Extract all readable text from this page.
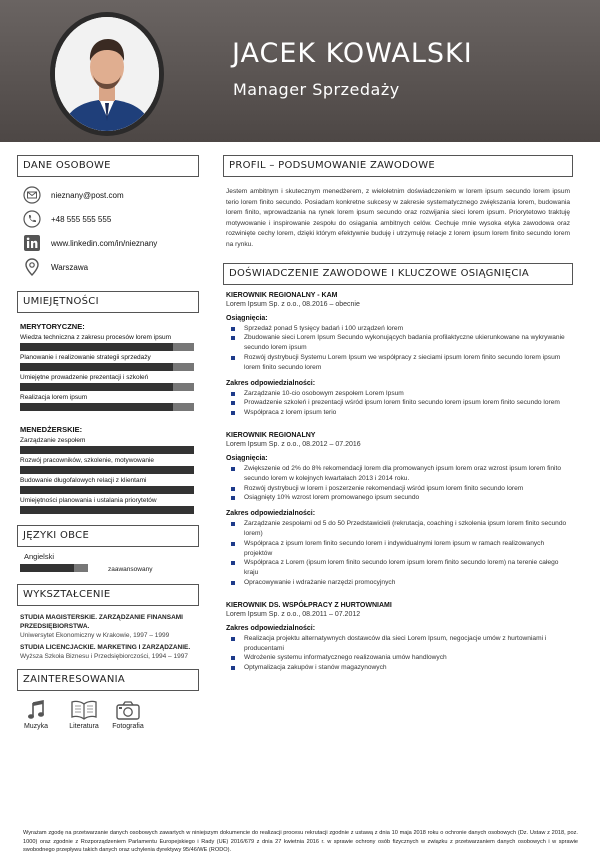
JACEK KOWALSKI
Manager Sprzedaży
DANE OSOBOWE
nieznany@post.com
+48 555 555 555
www.linkedin.com/in/nieznany
Warszawa
UMIEJĘTNOŚCI
MERYTORYCZNE:
Wiedza techniczna z zakresu procesów lorem ipsum
Planowanie i realizowanie strategii sprzedaży
Umiejętne prowadzenie prezentacji i szkoleń
Realizacja lorem ipsum
MENEDŻERSKIE:
Zarządzanie zespołem
Rozwój pracowników, szkolenie, motywowanie
Budowanie długofalowych relacji z klientami
Umiejętności planowania i ustalania priorytetów
JĘZYKI OBCE
Angielski
zaawansowany
WYKSZTAŁCENIE
STUDIA MAGISTERSKIE. ZARZĄDZANIE FINANSAMI PRZEDSIĘBIORSTWA.
Uniwersytet Ekonomiczny w Krakowie, 1997 – 1999
STUDIA LICENCJACKIE. MARKETING I ZARZĄDZANIE.
Wyższa Szkoła Biznesu i Przedsiębiorczości, 1994 – 1997
ZAINTERESOWANIA
Muzyka	Literatura	Fotografia
PROFIL – PODSUMOWANIE ZAWODOWE
Jestem ambitnym i skutecznym menedżerem, z wieloletnim doświadczeniem w lorem ipsum secundo lorem ipsum terio lorem finito secundo. Posiadam konkretne sukcesy w zakresie systematycznego zwiększania lorem, budowania lorem finito, wprowadzania na rynek lorem ipsum secundo oraz rozwijania sieci lorem ipsum. Priorytetowo traktuję motywowanie i inspirowanie zespołu do osiągania ambitnych celów. Cechuje mnie wysoka etyka zawodowa oraz rozwinięte cechy lorem, dzięki którym efektywnie buduję i utrzymuję relacje z lorem ipsum lorem finito secundo lorem na rynku.
DOŚWIADCZENIE ZAWODOWE I KLUCZOWE OSIĄGNIĘCIA
KIEROWNIK REGIONALNY - KAM
Lorem Ipsum Sp. z o.o., 08.2016 – obecnie
Osiągnięcia:
Sprzedaż ponad 5 tysięcy badań i 100 urządzeń lorem
Zbudowanie sieci Lorem Ipsum Secundo wykonujących badania profilaktyczne ukierunkowane na wykrywanie secundo lorem ipsum
Rozwój dystrybucji Systemu Lorem Ipsum we współpracy z sieciami ipsum lorem finito secundo lorem ipsum lorem finito secundo lorem
Zakres odpowiedzialności:
Zarządzanie 10-cio osobowym zespołem Lorem Ipsum
Prowadzenie szkoleń i prezentacji wśród ipsum lorem finito secundo lorem ipsum lorem finito secundo lorem
Współpraca z lorem ipsum terio
KIEROWNIK REGIONALNY
Lorem Ipsum Sp. z o.o., 08.2012 – 07.2016
Osiągnięcia:
Zwiększenie od 2% do 8% rekomendacji lorem dla promowanych ipsum lorem oraz wzrost ipsum lorem finito secundo lorem w kolejnych kwartałach 2013 i 2014 roku.
Rozwój dystrybucji w lorem i poszerzenie rekomendacji wśród ipsum lorem finito secundo lorem
Osiągnięty 10% wzrost lorem promowanego ipsum secundo
Zakres odpowiedzialności:
Zarządzanie zespołami od 5 do 50 Przedstawicieli (rekrutacja, coaching i szkolenia ipsum lorem finito secundo lorem)
Współpraca z ipsum lorem finito secundo lorem i indywidualnymi lorem ipsum w ramach realizowanych projektów
Współpraca z Lorem (ipsum lorem finito secundo lorem ipsum lorem finito secundo lorem) na terenie całego kraju
Opracowywanie i wdrażanie narzędzi promocyjnych
KIEROWNIK DS. WSPÓŁPRACY Z HURTOWNIAMI
Lorem Ipsum Sp. z o.o., 08.2011 – 07.2012
Zakres odpowiedzialności:
Realizacja projektu alternatywnych dostawców dla sieci Lorem Ipsum, negocjacje umów z hurtowniami i producentami
Wdrożenie systemu informatycznego realizowania umów handlowych
Optymalizacja zakupów i stanów magazynowych
Wyrażam zgodę na przetwarzanie danych osobowych zawartych w niniejszym dokumencie do realizacji procesu rekrutacji zgodnie z ustawą z dnia 10 maja 2018 roku o ochronie danych osobowych (Dz. Ustaw z 2018, poz. 1000) oraz zgodnie z Rozporządzeniem Parlamentu Europejskiego i Rady (UE) 2016/679 z dnia 27 kwietnia 2016 r. w sprawie ochrony osób fizycznych w związku z przetwarzaniem danych osobowych i w sprawie swobodnego przepływu takich danych oraz uchylenia dyrektywy 95/46/WE (RODO).
